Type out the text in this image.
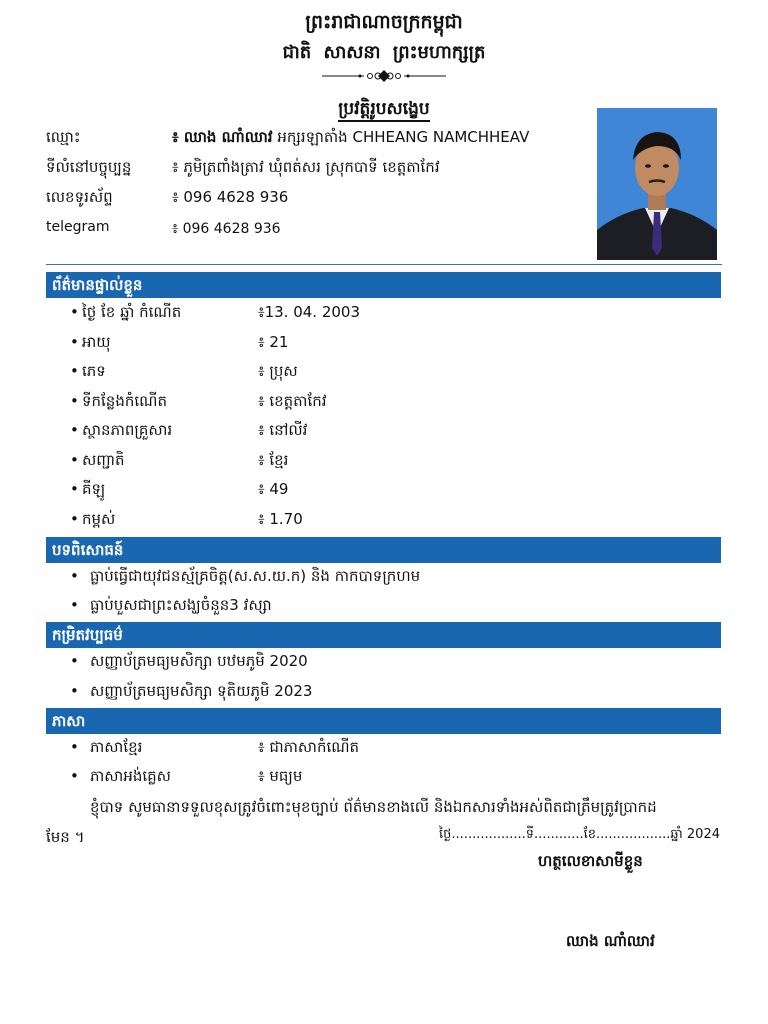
ព្រះរាជាណាចក្រកម្ពុជា
ជាតិ សាសនា ព្រះមហាក្សត្រ
ប្រវត្តិរូបសង្ខេប
ឈ្មោះ	៖ ឈាង ណាំឈាវ អក្សរឡាតាំង CHHEANG NAMCHHEAV
ទីលំនៅបច្ចុប្បន្ន	៖ ភូមិត្រពាំងត្រាវ ឃុំពត់សរ ស្រុកបាទី ខេត្តតាកែវ
លេខទូរស័ព្ទ	៖ 096 4628 936
telegram	៖ 096 4628 936
ព័ត៌មានផ្ទាល់ខ្លួន
• ថ្ងៃ ខែ ឆ្នាំ កំណើត	៖13. 04. 2003
• អាយុ	៖ 21
• ភេទ	៖ ប្រុស
• ទីកន្លែងកំណើត	៖ ខេត្តតាកែវ
• ស្ថានភាពគ្រួសារ	៖ នៅលីវ
• សញ្ជាតិ	៖ ខ្មែរ
• គីឡូ	៖ 49
• កម្ពស់	៖ 1.70
បទពិសោធន៍
• ធ្លាប់ធ្វើជាយុវជនស្ម័គ្រចិត្ត(ស.ស.យ.ក) និង កាកបាទក្រហម
• ធ្លាប់បួសជាព្រះសង្ឃចំនួន3 វស្សា
កម្រិតវប្បធម៌
• សញ្ញាប័ត្រមធ្យមសិក្សា បឋមភូមិ 2020
• សញ្ញាប័ត្រមធ្យមសិក្សា ទុតិយភូមិ 2023
ភាសា
• ភាសាខ្មែរ	៖ ជាភាសាកំណើត
• ភាសាអង់គ្លេស	៖ មធ្យម
ខ្ញុំបាទ សូមធានាទទួលខុសត្រូវចំពោះមុខច្បាប់ ព័ត៌មានខាងលើ និងឯកសារទាំងអស់ពិតជាត្រឹមត្រូវប្រាកដ
មែន ។	ថ្ងៃ..................ទី............ខែ..................ឆ្នាំ 2024
ហត្ថលេខាសាមីខ្លួន
ឈាង ណាំឈាវ
